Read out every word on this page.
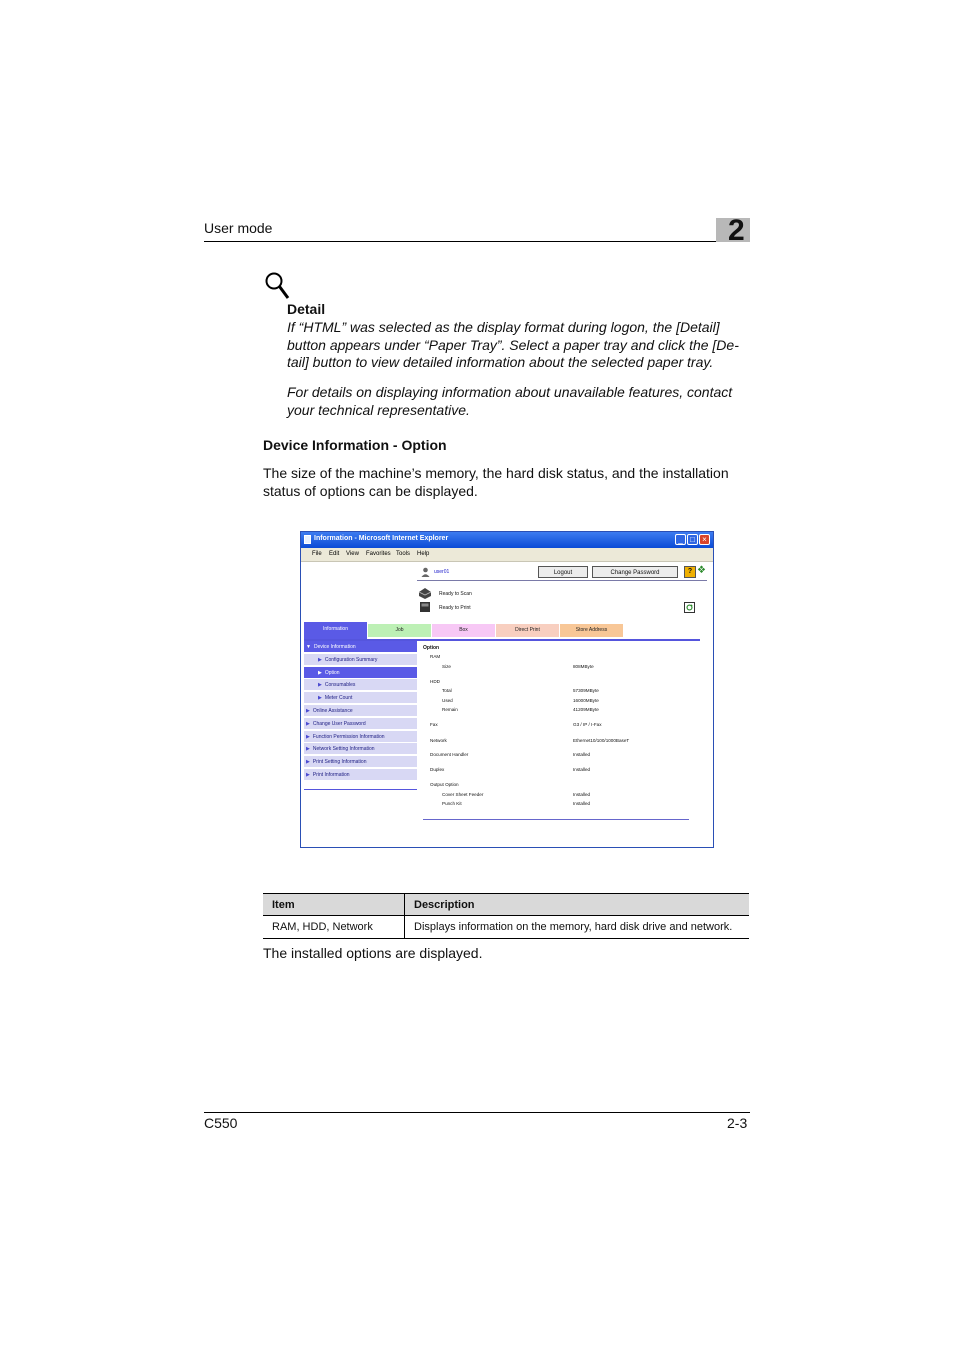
User mode	2
Detail
If “HTML” was selected as the display format during logon, the [Detail] button appears under “Paper Tray”. Select a paper tray and click the [De-tail] button to view detailed information about the selected paper tray.
For details on displaying information about unavailable features, contact your technical representative.
Device Information - Option
The size of the machine’s memory, the hard disk status, and the installation status of options can be displayed.
Information - Microsoft Internet Explorer	_ □ ×
File Edit View Favorites Tools Help
❖
user01	Logout	Change Password	?
Ready to Scan
Ready to Print
Information	Job	Box	Direct Print	Store Address
▼ Device Information
▶ Configuration Summary
▶ Option
▶ Consumables
▶ Meter Count
▶ Online Assistance
▶ Change User Password
▶ Function Permission Information
▶ Network Setting Information
▶ Print Setting Information
▶ Print Information
Option
RAM
Size	808MByte
HDD
Total	57309MByte
Used	16000MByte
Remain	41209MByte
Fax	G3 / IP / I-Fax
Network	Ethernet10/100/1000BaseT
Document Handler	Installed
Duplex	Installed
Output Option
Cover Sheet Feeder	Installed
Punch Kit	Installed
Item	Description
RAM, HDD, Network	Displays information on the memory, hard disk drive and network.
The installed options are displayed.
C550	2-3
